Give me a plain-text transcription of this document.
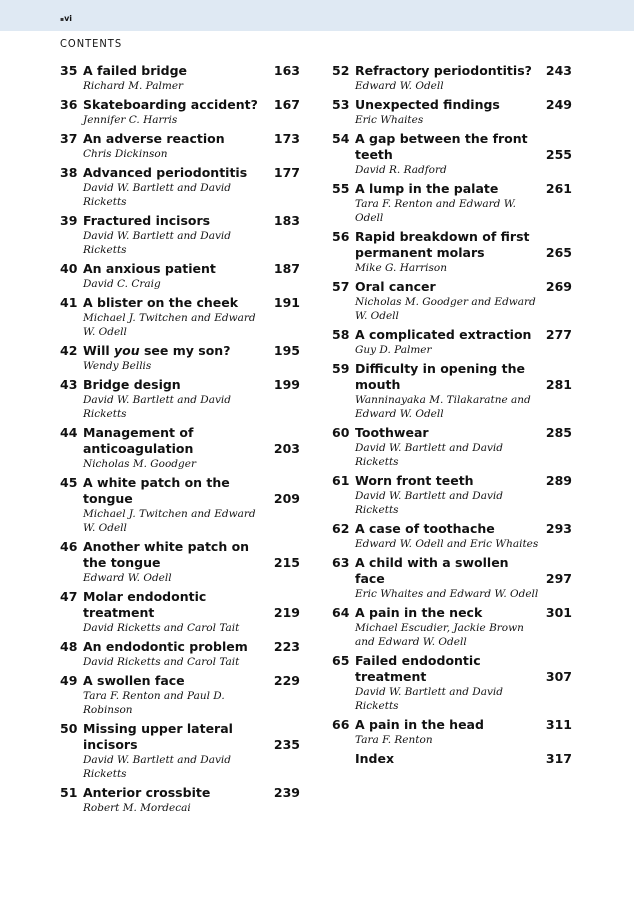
▪ vi
CONTENTS
35 A failed bridge	163
Richard M. Palmer
36 Skateboarding accident?	167
Jennifer C. Harris
37 An adverse reaction	173
Chris Dickinson
38 Advanced periodontitis	177
David W. Bartlett and David Ricketts
39 Fractured incisors	183
David W. Bartlett and David Ricketts
40 An anxious patient	187
David C. Craig
41 A blister on the cheek	191
Michael J. Twitchen and Edward W. Odell
42 Will you see my son?	195
Wendy Bellis
43 Bridge design	199
David W. Bartlett and David Ricketts
44 Management of anticoagulation	203
Nicholas M. Goodger
45 A white patch on the tongue	209
Michael J. Twitchen and Edward W. Odell
46 Another white patch on the tongue	215
Edward W. Odell
47 Molar endodontic treatment	219
David Ricketts and Carol Tait
48 An endodontic problem	223
David Ricketts and Carol Tait
49 A swollen face	229
Tara F. Renton and Paul D. Robinson
50 Missing upper lateral incisors	235
David W. Bartlett and David Ricketts
51 Anterior crossbite	239
Robert M. Mordecai
52 Refractory periodontitis?	243
Edward W. Odell
53 Unexpected findings	249
Eric Whaites
54 A gap between the front teeth	255
David R. Radford
55 A lump in the palate	261
Tara F. Renton and Edward W. Odell
56 Rapid breakdown of first permanent molars	265
Mike G. Harrison
57 Oral cancer	269
Nicholas M. Goodger and Edward W. Odell
58 A complicated extraction	277
Guy D. Palmer
59 Difficulty in opening the mouth	281
Wanninayaka M. Tilakaratne and Edward W. Odell
60 Toothwear	285
David W. Bartlett and David Ricketts
61 Worn front teeth	289
David W. Bartlett and David Ricketts
62 A case of toothache	293
Edward W. Odell and Eric Whaites
63 A child with a swollen face	297
Eric Whaites and Edward W. Odell
64 A pain in the neck	301
Michael Escudier, Jackie Brown and Edward W. Odell
65 Failed endodontic treatment	307
David W. Bartlett and David Ricketts
66 A pain in the head	311
Tara F. Renton
Index	317
